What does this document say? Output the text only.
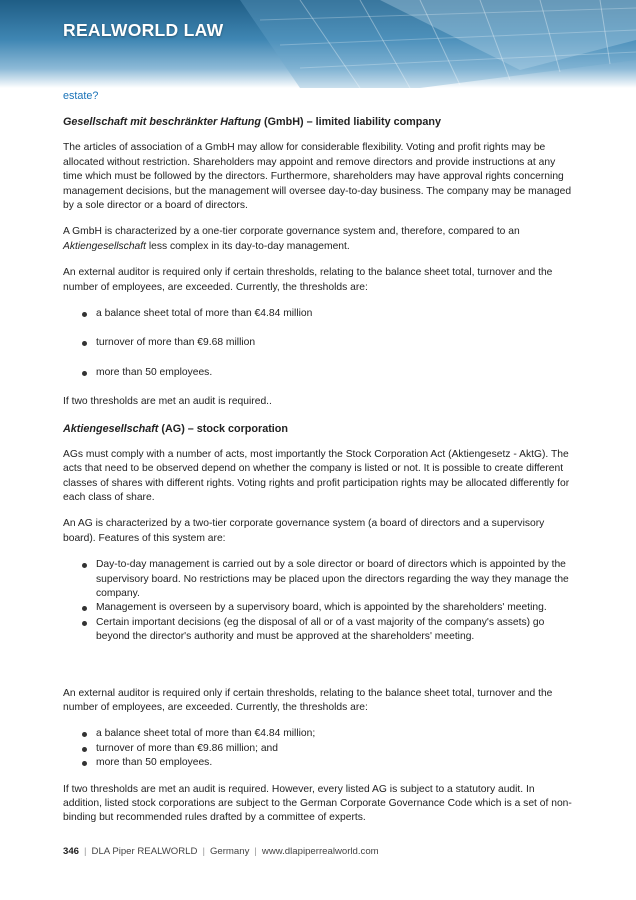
REALWORLD LAW

estate?

Gesellschaft mit beschränkter Haftung (GmbH) – limited liability company

The articles of association of a GmbH may allow for considerable flexibility. Voting and profit rights may be allocated without restriction. Shareholders may appoint and remove directors and provide instructions at any time which must be followed by the directors. Furthermore, shareholders may have approval rights concerning management decisions, but the management will oversee day-to-day business. The company may be managed by a sole director or a board of directors.

A GmbH is characterized by a one-tier corporate governance system and, therefore, compared to an Aktiengesellschaft less complex in its day-to-day management.

An external auditor is required only if certain thresholds, relating to the balance sheet total, turnover and the number of employees, are exceeded. Currently, the thresholds are:

a balance sheet total of more than €4.84 million
turnover of more than €9.68 million
more than 50 employees.

If two thresholds are met an audit is required..

Aktiengesellschaft (AG) – stock corporation

AGs must comply with a number of acts, most importantly the Stock Corporation Act (Aktiengesetz - AktG). The acts that need to be observed depend on whether the company is listed or not. It is possible to create different classes of shares with different rights. Voting rights and profit participation rights may be allocated differently for each class of share.

An AG is characterized by a two-tier corporate governance system (a board of directors and a supervisory board). Features of this system are:

Day-to-day management is carried out by a sole director or board of directors which is appointed by the supervisory board. No restrictions may be placed upon the directors regarding the way they manage the company.
Management is overseen by a supervisory board, which is appointed by the shareholders' meeting.
Certain important decisions (eg the disposal of all or of a vast majority of the company's assets) go beyond the director's authority and must be approved at the shareholders' meeting.

An external auditor is required only if certain thresholds, relating to the balance sheet total, turnover and the number of employees, are exceeded. Currently, the thresholds are:

a balance sheet total of more than €4.84 million;
turnover of more than €9.86 million; and
more than 50 employees.

If two thresholds are met an audit is required. However, every listed AG is subject to a statutory audit. In addition, listed stock corporations are subject to the German Corporate Governance Code which is a set of non-binding but recommended rules drafted by a committee of experts.

346 | DLA Piper REALWORLD | Germany | www.dlapiperrealworld.com
